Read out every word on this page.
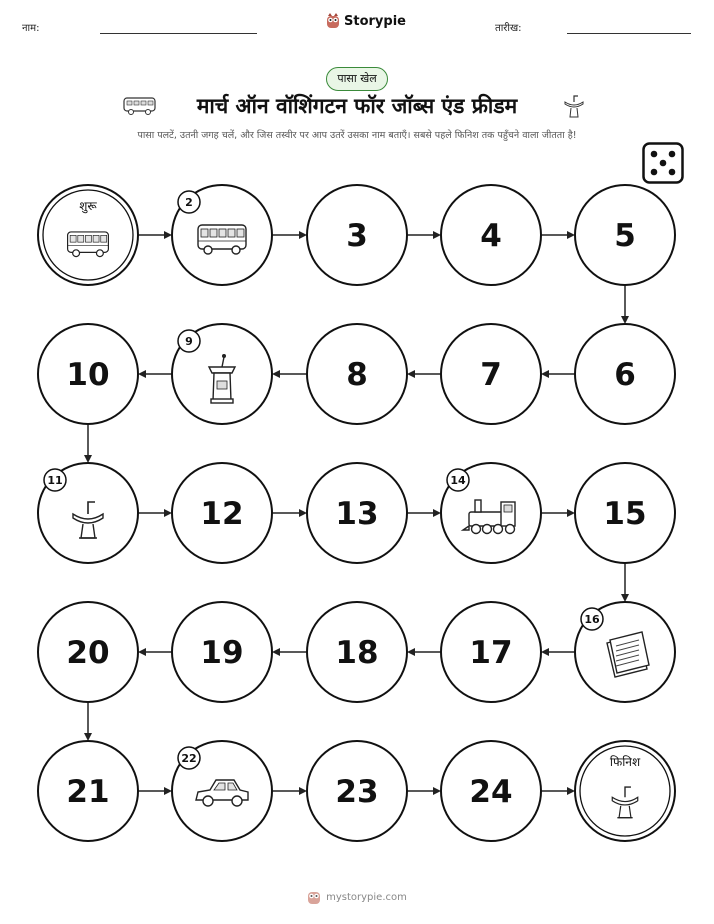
नाम:	Storypie	तारीख:
पासा खेल
मार्च ऑन वॉशिंगटन फॉर जॉब्स एंड फ्रीडम
पासा पलटें, उतनी जगह चलें, और जिस तस्वीर पर आप उतरें उसका नाम बताएँ। सबसे पहले फिनिश तक पहुँचने वाला जीतता है!
शुरू	2
3	4	5
6
7
8
9
10
11
12	13
14
15
16
17
18
19
20
21
22
23	24
फिनिश
mystorypie.com
